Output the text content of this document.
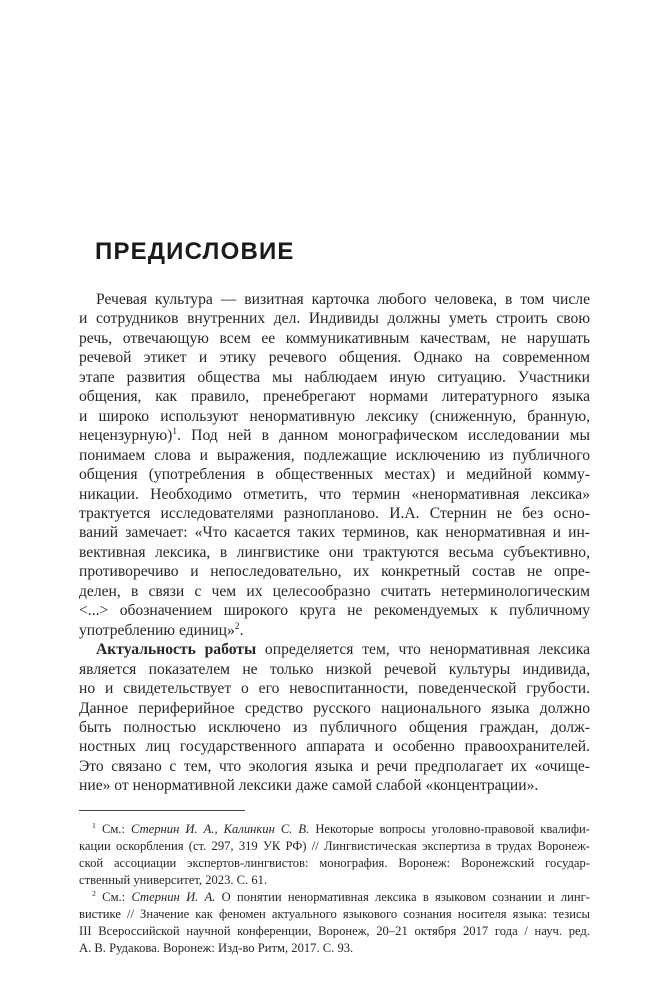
ПРЕДИСЛОВИЕ
Речевая культура — визитная карточка любого человека, в том числе
и сотрудников внутренних дел. Индивиды должны уметь строить свою
речь, отвечающую всем ее коммуникативным качествам, не нарушать
речевой этикет и этику речевого общения. Однако на современном
этапе развития общества мы наблюдаем иную ситуацию. Участники
общения, как правило, пренебрегают нормами литературного языка
и широко используют ненормативную лексику (сниженную, бранную,
нецензурную)$^1$. Под ней в данном монографическом исследовании мы
понимаем слова и выражения, подлежащие исключению из публичного
общения (употребления в общественных местах) и медийной комму-
никации. Необходимо отметить, что термин «ненормативная лексика»
трактуется исследователями разнопланово. И.А. Стернин не без осно-
ваний замечает: «Что касается таких терминов, как ненормативная и ин-
вективная лексика, в лингвистике они трактуются весьма субъективно,
противоречиво и непоследовательно, их конкретный состав не опре-
делен, в связи с чем их целесообразно считать нетерминологическим
<...> обозначением широкого круга не рекомендуемых к публичному
употреблению единиц»$^2$.
Актуальность работы определяется тем, что ненормативная лексика
является показателем не только низкой речевой культуры индивида,
но и свидетельствует о его невоспитанности, поведенческой грубости.
Данное периферийное средство русского национального языка должно
быть полностью исключено из публичного общения граждан, долж-
ностных лиц государственного аппарата и особенно правоохранителей.
Это связано с тем, что экология языка и речи предполагает их «очище-
ние» от ненормативной лексики даже самой слабой «концентрации».
$^1$ См.: Стернин И. А., Калинкин С. В. Некоторые вопросы уголовно-правовой квалифи-
кации оскорбления (ст. 297, 319 УК РФ) // Лингвистическая экспертиза в трудах Воронеж-
ской ассоциации экспертов-лингвистов: монография. Воронеж: Воронежский государ-
ственный университет, 2023. С. 61.
$^2$ См.: Стернин И. А. О понятии ненормативная лексика в языковом сознании и линг-
вистике // Значение как феномен актуального языкового сознания носителя языка: тезисы
III Всероссийской научной конференции, Воронеж, 20–21 октября 2017 года / науч. ред.
А. В. Рудакова. Воронеж: Изд-во Ритм, 2017. С. 93.
